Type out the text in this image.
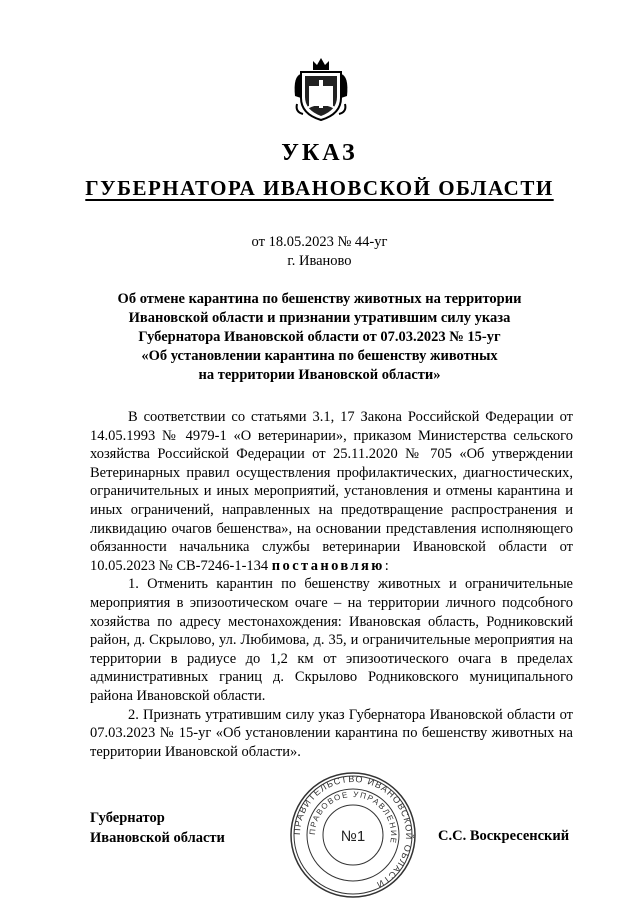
УКАЗ
ГУБЕРНАТОРА ИВАНОВСКОЙ ОБЛАСТИ
от 18.05.2023 № 44-уг
г. Иваново
Об отмене карантина по бешенству животных на территории
Ивановской области и признании утратившим силу указа
Губернатора Ивановской области от 07.03.2023 № 15-уг
«Об установлении карантина по бешенству животных
на территории Ивановской области»

В соответствии со статьями 3.1, 17 Закона Российской Федерации от 14.05.1993 № 4979-1 «О ветеринарии», приказом Министерства сельского хозяйства Российской Федерации от 25.11.2020 № 705 «Об утверждении Ветеринарных правил осуществления профилактических, диагностических, ограничительных и иных мероприятий, установления и отмены карантина и иных ограничений, направленных на предотвращение распространения и ликвидацию очагов бешенства», на основании представления исполняющего обязанности начальника службы ветеринарии Ивановской области от 10.05.2023 № СВ-7246-1-134 постановляю:

1. Отменить карантин по бешенству животных и ограничительные мероприятия в эпизоотическом очаге – на территории личного подсобного хозяйства по адресу местонахождения: Ивановская область, Родниковский район, д. Скрылово, ул. Любимова, д. 35, и ограничительные мероприятия на территории в радиусе до 1,2 км от эпизоотического очага в пределах административных границ д. Скрылово Родниковского муниципального района Ивановской области.

2. Признать утратившим силу указ Губернатора Ивановской области от 07.03.2023 № 15-уг «Об установлении карантина по бешенству животных на территории Ивановской области».

Губернатор
Ивановской области	ПРАВИТЕЛЬСТВО ИВАНОВСКОЙ ОБЛАСТИ
ПРАВОВОЕ УПРАВЛЕНИЕ
№1	С.С. Воскресенский
